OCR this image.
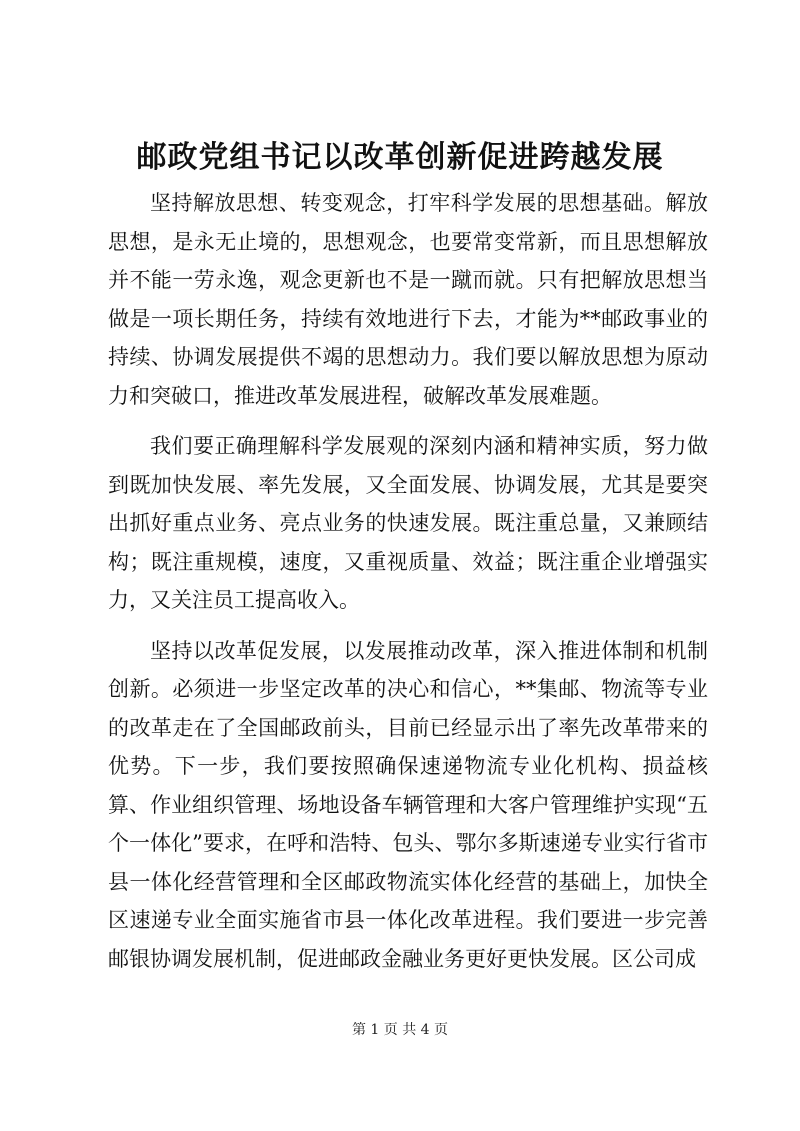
邮政党组书记以改革创新促进跨越发展

坚持解放思想、转变观念，打牢科学发展的思想基础。解放思想，是永无止境的，思想观念，也要常变常新，而且思想解放并不能一劳永逸，观念更新也不是一蹴而就。只有把解放思想当做是一项长期任务，持续有效地进行下去，才能为**邮政事业的持续、协调发展提供不竭的思想动力。我们要以解放思想为原动力和突破口，推进改革发展进程，破解改革发展难题。

我们要正确理解科学发展观的深刻内涵和精神实质，努力做到既加快发展、率先发展，又全面发展、协调发展，尤其是要突出抓好重点业务、亮点业务的快速发展。既注重总量，又兼顾结构；既注重规模，速度，又重视质量、效益；既注重企业增强实力，又关注员工提高收入。

坚持以改革促发展，以发展推动改革，深入推进体制和机制创新。必须进一步坚定改革的决心和信心，**集邮、物流等专业的改革走在了全国邮政前头，目前已经显示出了率先改革带来的优势。下一步，我们要按照确保速递物流专业化机构、损益核算、作业组织管理、场地设备车辆管理和大客户管理维护实现“五个一体化”要求，在呼和浩特、包头、鄂尔多斯速递专业实行省市县一体化经营管理和全区邮政物流实体化经营的基础上，加快全区速递专业全面实施省市县一体化改革进程。我们要进一步完善邮银协调发展机制，促进邮政金融业务更好更快发展。区公司成

第 1 页 共 4 页
